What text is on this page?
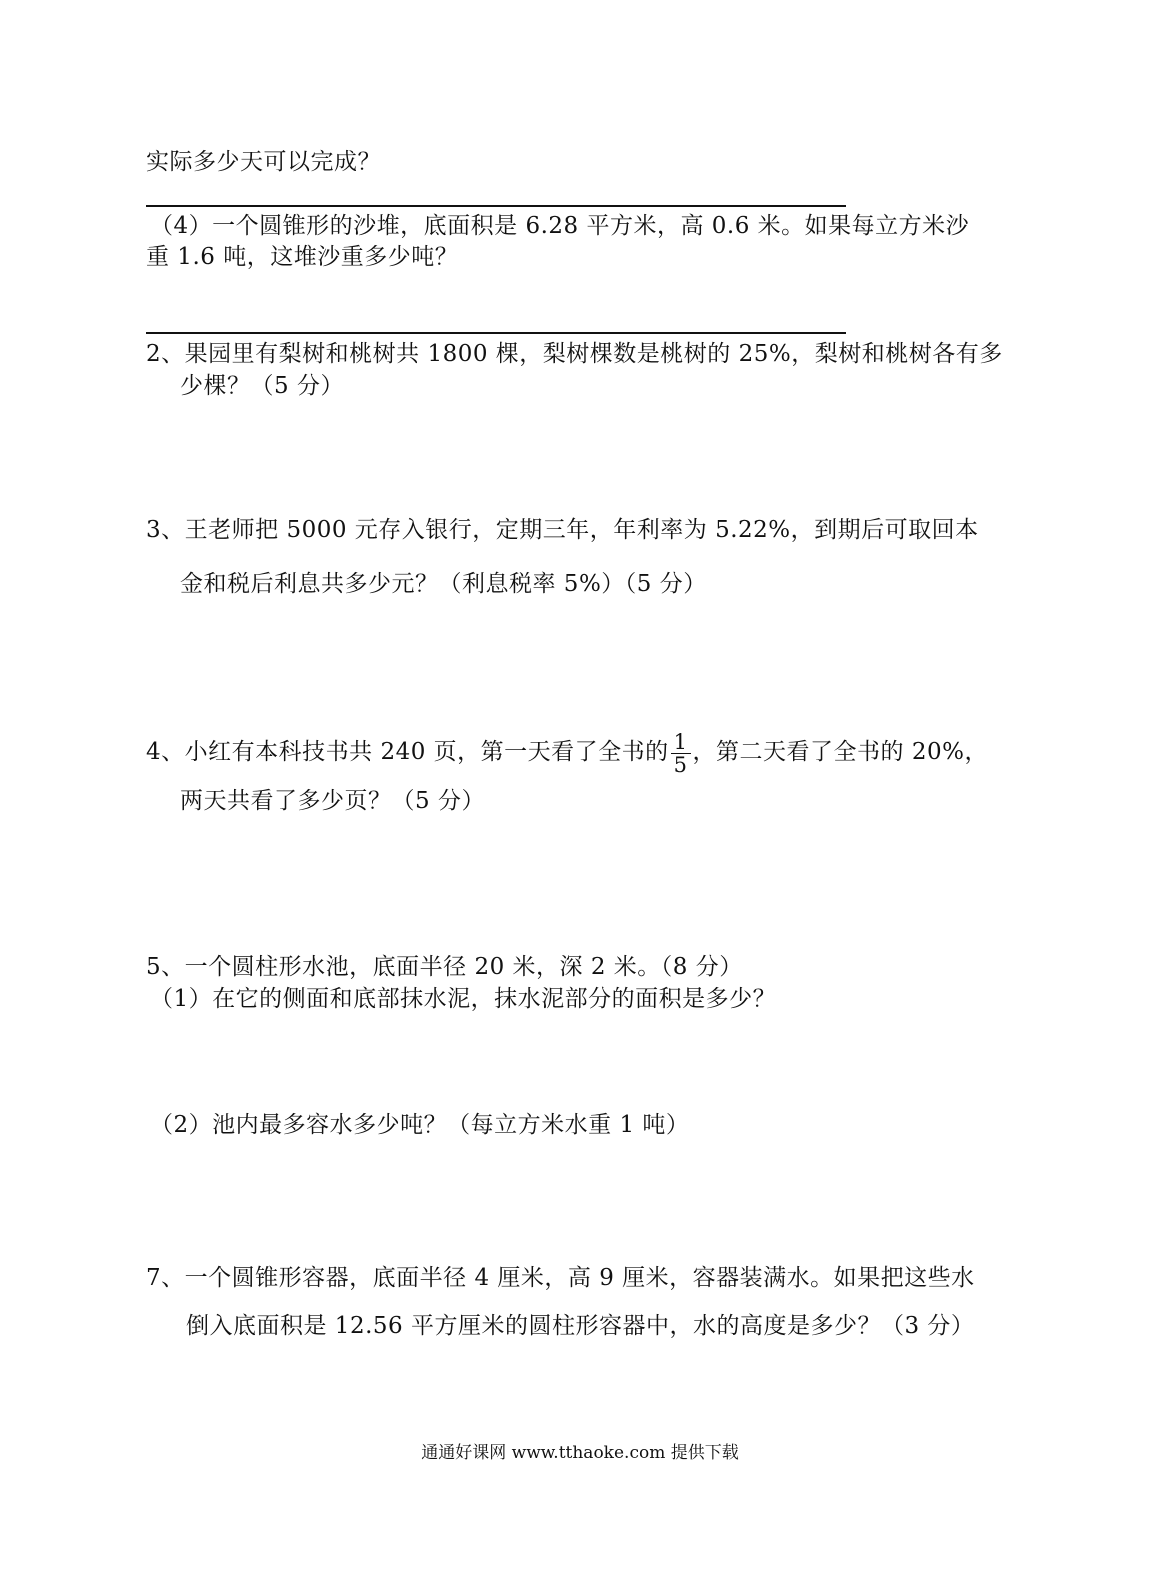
实际多少天可以完成？
（4）一个圆锥形的沙堆，底面积是 6.28 平方米，高 0.6 米。如果每立方米沙
重 1.6 吨，这堆沙重多少吨？
2、果园里有梨树和桃树共 1800 棵，梨树棵数是桃树的 25%，梨树和桃树各有多
少棵？（5 分）
3、王老师把 5000 元存入银行，定期三年，年利率为 5.22%，到期后可取回本
金和税后利息共多少元？（利息税率 5%）（5 分）
4、小红有本科技书共 240 页，第一天看了全书的 $\frac{1}{5}$ ，第二天看了全书的 20%，
两天共看了多少页？（5 分）
5、一个圆柱形水池，底面半径 20 米，深 2 米。（8 分）
（1）在它的侧面和底部抹水泥，抹水泥部分的面积是多少？
（2）池内最多容水多少吨？（每立方米水重 1 吨）
7、一个圆锥形容器，底面半径 4 厘米，高 9 厘米，容器装满水。如果把这些水
倒入底面积是 12.56 平方厘米的圆柱形容器中，水的高度是多少？（3 分）
通通好课网 www.tthaoke.com 提供下载
